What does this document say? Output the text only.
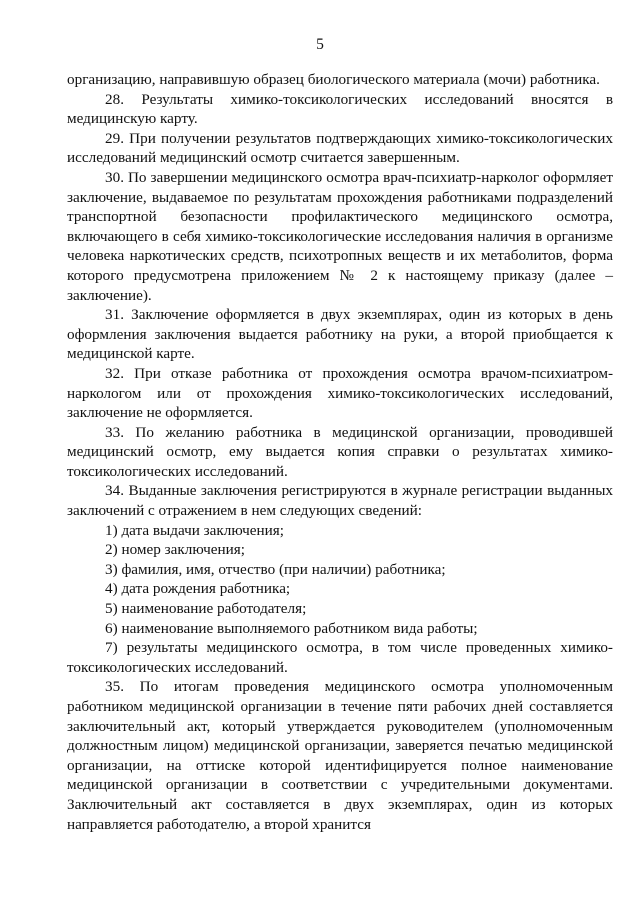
5

организацию, направившую образец биологического материала (мочи) работника.

28. Результаты химико-токсикологических исследований вносятся в медицинскую карту.

29. При получении результатов подтверждающих химико-токсикологических исследований медицинский осмотр считается завершенным.

30. По завершении медицинского осмотра врач-психиатр-нарколог оформляет заключение, выдаваемое по результатам прохождения работниками подразделений транспортной безопасности профилактического медицинского осмотра, включающего в себя химико-токсикологические исследования наличия в организме человека наркотических средств, психотропных веществ и их метаболитов, форма которого предусмотрена приложением № 2 к настоящему приказу (далее – заключение).

31. Заключение оформляется в двух экземплярах, один из которых в день оформления заключения выдается работнику на руки, а второй приобщается к медицинской карте.

32. При отказе работника от прохождения осмотра врачом-психиатром-наркологом или от прохождения химико-токсикологических исследований, заключение не оформляется.

33. По желанию работника в медицинской организации, проводившей медицинский осмотр, ему выдается копия справки о результатах химико-токсикологических исследований.

34. Выданные заключения регистрируются в журнале регистрации выданных заключений с отражением в нем следующих сведений:

1) дата выдачи заключения;

2) номер заключения;

3) фамилия, имя, отчество (при наличии) работника;

4) дата рождения работника;

5) наименование работодателя;

6) наименование выполняемого работником вида работы;

7) результаты медицинского осмотра, в том числе проведенных химико-токсикологических исследований.

35. По итогам проведения медицинского осмотра уполномоченным работником медицинской организации в течение пяти рабочих дней составляется заключительный акт, который утверждается руководителем (уполномоченным должностным лицом) медицинской организации, заверяется печатью медицинской организации, на оттиске которой идентифицируется полное наименование медицинской организации в соответствии с учредительными документами. Заключительный акт составляется в двух экземплярах, один из которых направляется работодателю, а второй хранится
